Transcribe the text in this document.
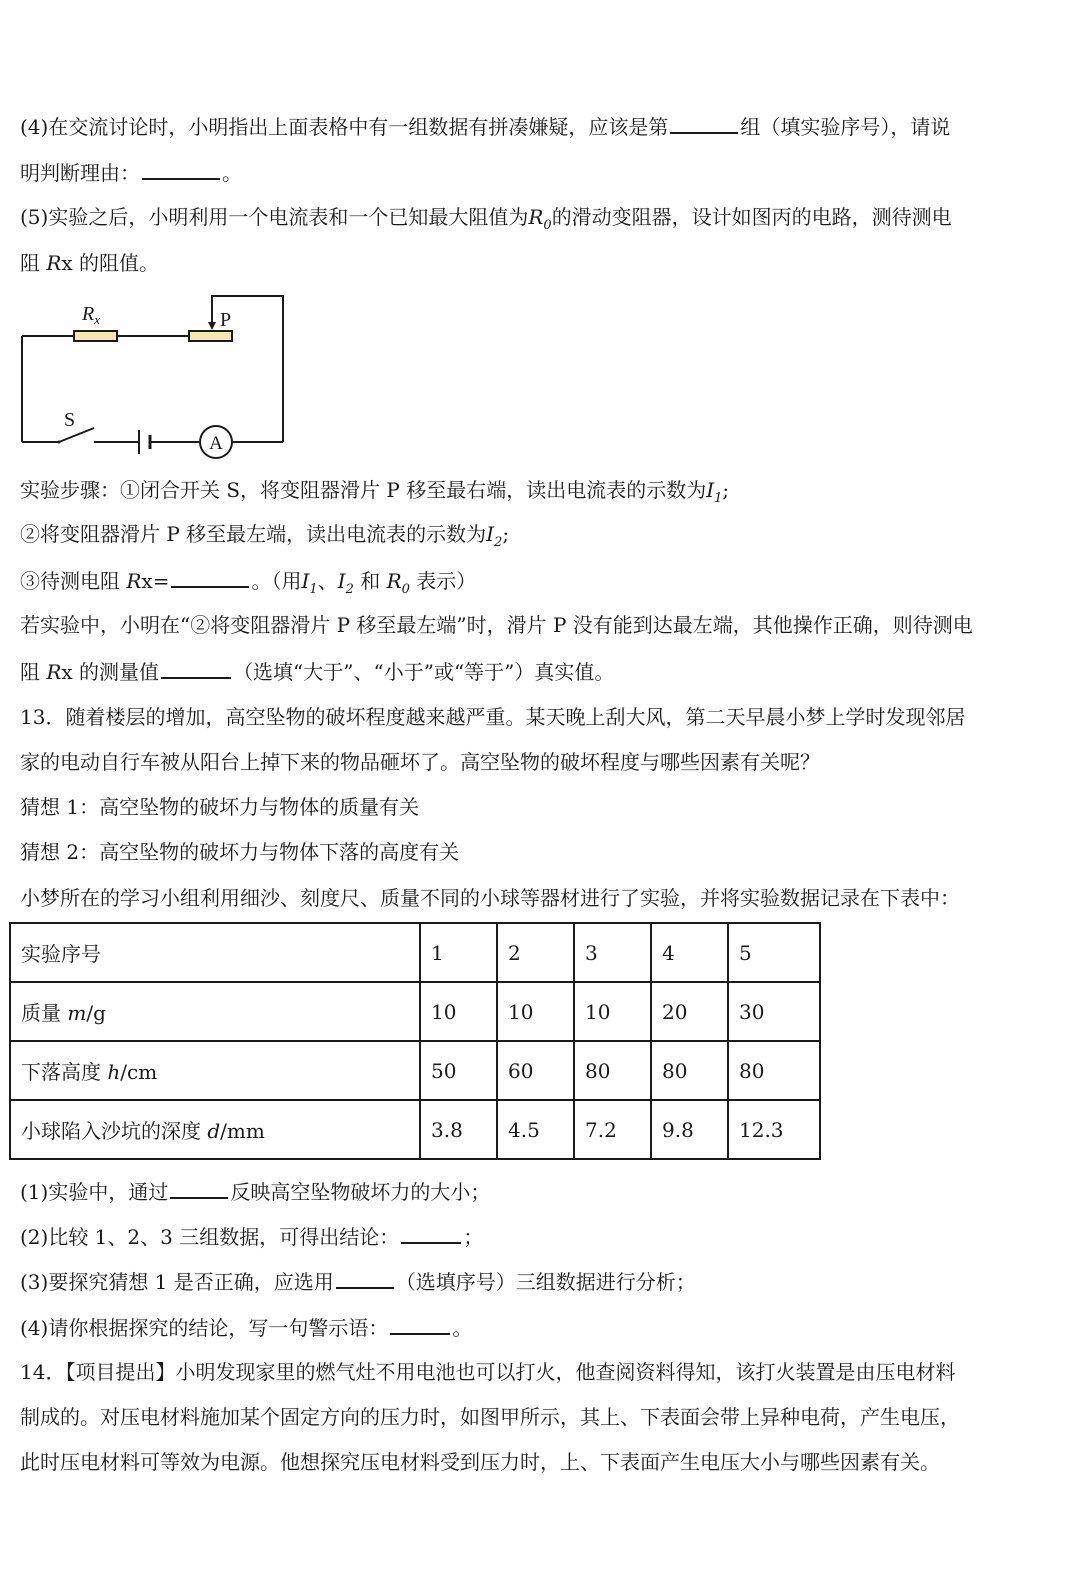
(4)在交流讨论时，小明指出上面表格中有一组数据有拼凑嫌疑，应该是第	组（填实验序号），请说
明判断理由：	。
(5)实验之后，小明利用一个电流表和一个已知最大阻值为$R_0$的滑动变阻器，设计如图丙的电路，测待测电
阻 Rx 的阻值。
$R_x$	P
S
A
实验步骤：①闭合开关 S，将变阻器滑片 P 移至最右端，读出电流表的示数为$I_1$;
②将变阻器滑片 P 移至最左端，读出电流表的示数为$I_2$;
③待测电阻 Rx=	。（用$I_1$、$I_2$ 和 $R_0$ 表示）
若实验中，小明在“②将变阻器滑片 P 移至最左端”时，滑片 P 没有能到达最左端，其他操作正确，则待测电
阻 Rx 的测量值	（选填“大于”、“小于”或“等于”）真实值。
13．随着楼层的增加，高空坠物的破坏程度越来越严重。某天晚上刮大风，第二天早晨小梦上学时发现邻居
家的电动自行车被从阳台上掉下来的物品砸坏了。高空坠物的破坏程度与哪些因素有关呢？
猜想 1：高空坠物的破坏力与物体的质量有关
猜想 2：高空坠物的破坏力与物体下落的高度有关
小梦所在的学习小组利用细沙、刻度尺、质量不同的小球等器材进行了实验，并将实验数据记录在下表中：
实验序号	1	2	3	4	5
质量 m/g	10	10	10	20	30
下落高度 h/cm	50	60	80	80	80
小球陷入沙坑的深度 d/mm	3.8	4.5	7.2	9.8	12.3
(1)实验中，通过	反映高空坠物破坏力的大小；
(2)比较 1、2、3 三组数据，可得出结论：	；
(3)要探究猜想 1 是否正确，应选用	（选填序号）三组数据进行分析；
(4)请你根据探究的结论，写一句警示语：	。
14．【项目提出】小明发现家里的燃气灶不用电池也可以打火，他查阅资料得知，该打火装置是由压电材料
制成的。对压电材料施加某个固定方向的压力时，如图甲所示，其上、下表面会带上异种电荷，产生电压，
此时压电材料可等效为电源。他想探究压电材料受到压力时，上、下表面产生电压大小与哪些因素有关。
